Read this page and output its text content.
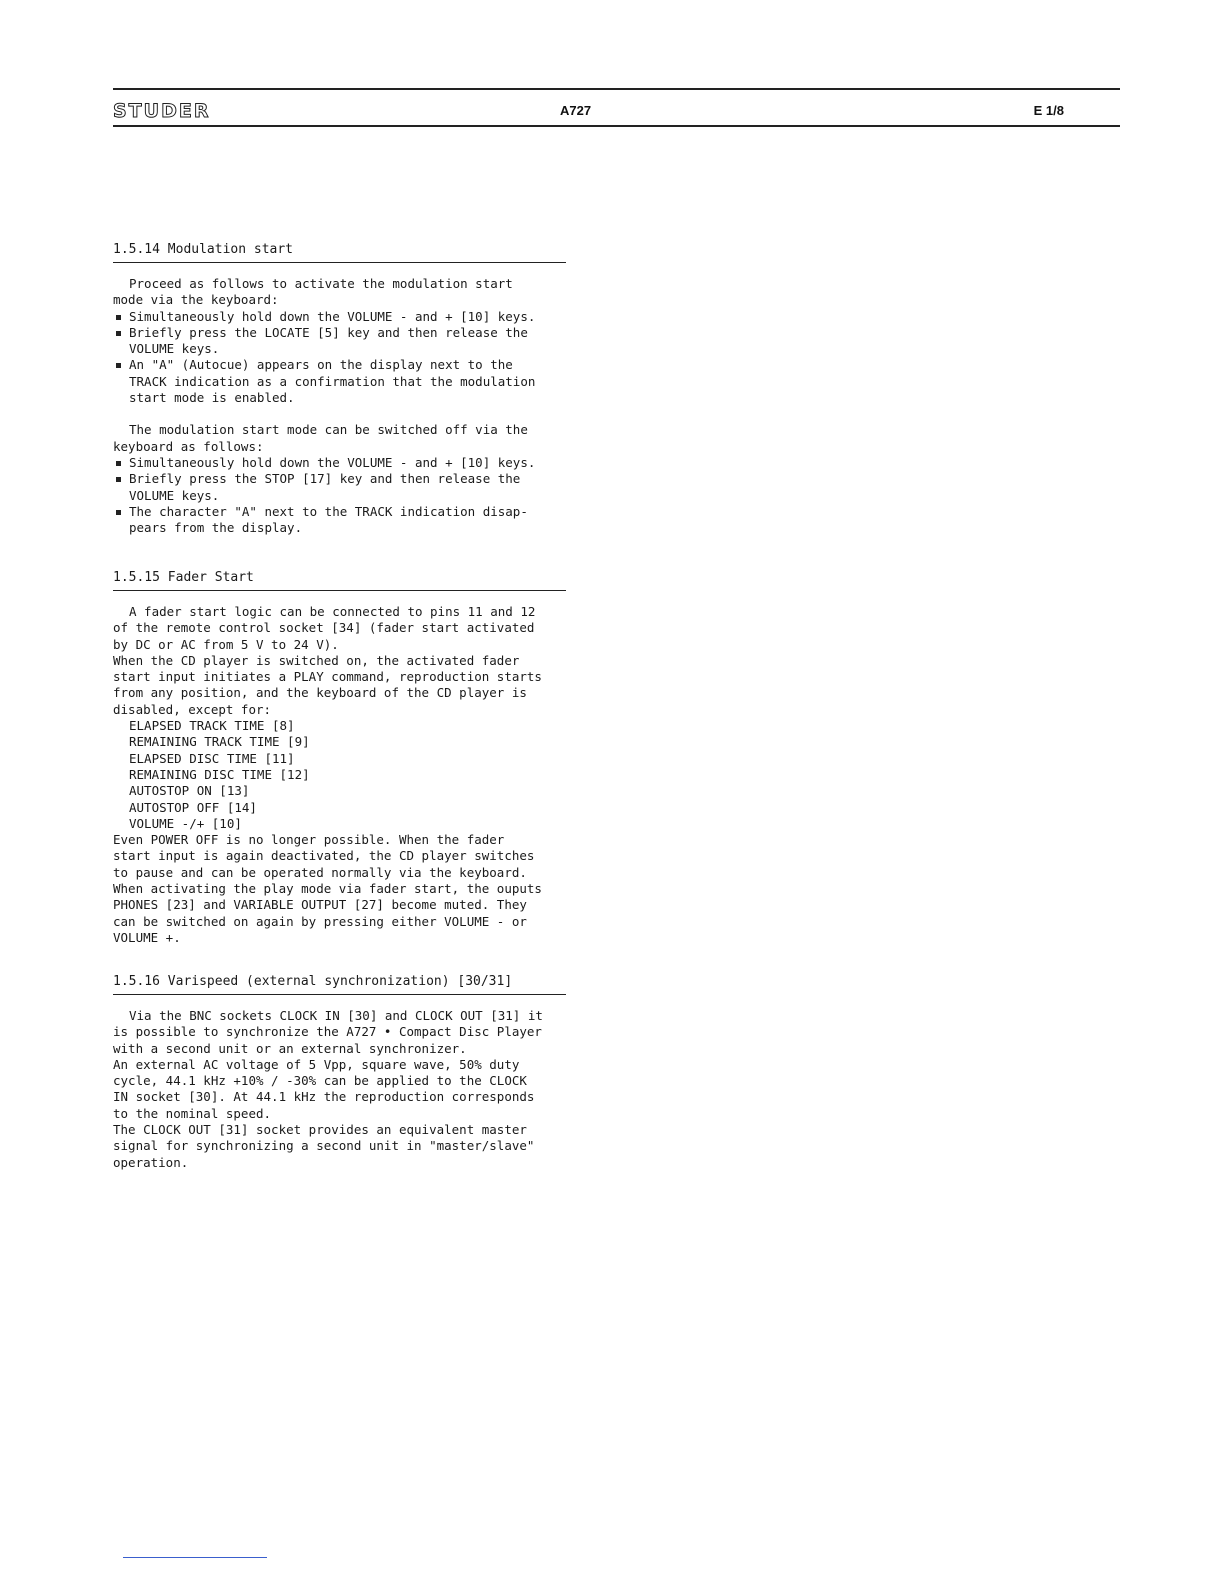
STUDER	A727	E 1/8
1.5.14 Modulation start
Proceed as follows to activate the modulation start
mode via the keyboard:
Simultaneously hold down the VOLUME - and + [10] keys.
Briefly press the LOCATE [5] key and then release the
VOLUME keys.
An "A" (Autocue) appears on the display next to the
TRACK indication as a confirmation that the modulation
start mode is enabled.
The modulation start mode can be switched off via the
keyboard as follows:
Simultaneously hold down the VOLUME - and + [10] keys.
Briefly press the STOP [17] key and then release the
VOLUME keys.
The character "A" next to the TRACK indication disap-
pears from the display.
1.5.15 Fader Start
A fader start logic can be connected to pins 11 and 12
of the remote control socket [34] (fader start activated
by DC or AC from 5 V to 24 V).
When the CD player is switched on, the activated fader
start input initiates a PLAY command, reproduction starts
from any position, and the keyboard of the CD player is
disabled, except for:
ELAPSED TRACK TIME [8]
REMAINING TRACK TIME [9]
ELAPSED DISC TIME [11]
REMAINING DISC TIME [12]
AUTOSTOP ON [13]
AUTOSTOP OFF [14]
VOLUME -/+ [10]
Even POWER OFF is no longer possible. When the fader
start input is again deactivated, the CD player switches
to pause and can be operated normally via the keyboard.
When activating the play mode via fader start, the ouputs
PHONES [23] and VARIABLE OUTPUT [27] become muted. They
can be switched on again by pressing either VOLUME - or
VOLUME +.
1.5.16 Varispeed (external synchronization) [30/31]
Via the BNC sockets CLOCK IN [30] and CLOCK OUT [31] it
is possible to synchronize the A727 • Compact Disc Player
with a second unit or an external synchronizer.
An external AC voltage of 5 Vpp, square wave, 50% duty
cycle, 44.1 kHz +10% / -30% can be applied to the CLOCK
IN socket [30]. At 44.1 kHz the reproduction corresponds
to the nominal speed.
The CLOCK OUT [31] socket provides an equivalent master
signal for synchronizing a second unit in "master/slave"
operation.
